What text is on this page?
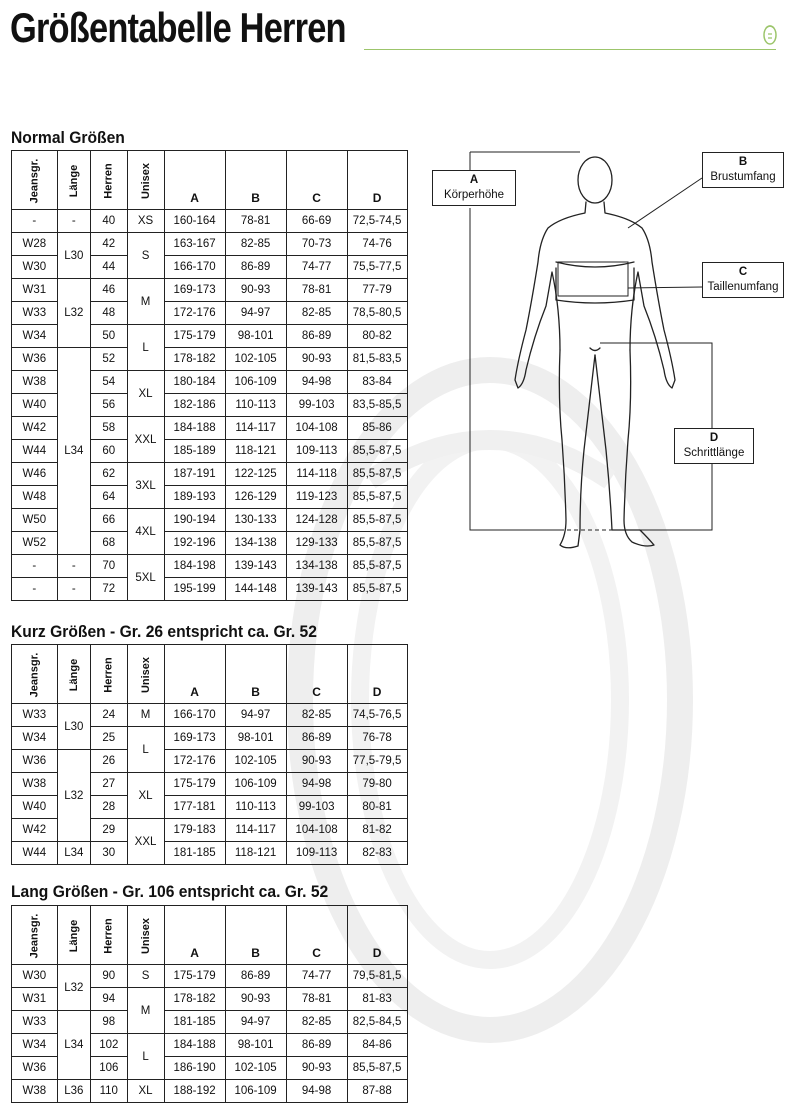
Größentabelle Herren
Normal Größen
Jeansgr.	Länge	Herren	Unisex	A	B	C	D
-	-	40	XS	160-164	78-81	66-69	72,5-74,5
W28	L30	42	S	163-167	82-85	70-73	74-76
W30		44		166-170	86-89	74-77	75,5-77,5
W31	L32	46	M	169-173	90-93	78-81	77-79
W33		48		172-176	94-97	82-85	78,5-80,5
W34		50	L	175-179	98-101	86-89	80-82
W36	L34	52		178-182	102-105	90-93	81,5-83,5
W38		54	XL	180-184	106-109	94-98	83-84
W40		56		182-186	110-113	99-103	83,5-85,5
W42		58	XXL	184-188	114-117	104-108	85-86
W44		60		185-189	118-121	109-113	85,5-87,5
W46		62	3XL	187-191	122-125	114-118	85,5-87,5
W48		64		189-193	126-129	119-123	85,5-87,5
W50		66	4XL	190-194	130-133	124-128	85,5-87,5
W52		68		192-196	134-138	129-133	85,5-87,5
-	-	70	5XL	184-198	139-143	134-138	85,5-87,5
-	-	72		195-199	144-148	139-143	85,5-87,5
Kurz Größen - Gr. 26 entspricht ca. Gr. 52
Jeansgr.	Länge	Herren	Unisex	A	B	C	D
W33	L30	24	M	166-170	94-97	82-85	74,5-76,5
W34		25	L	169-173	98-101	86-89	76-78
W36	L32	26		172-176	102-105	90-93	77,5-79,5
W38		27	XL	175-179	106-109	94-98	79-80
W40		28		177-181	110-113	99-103	80-81
W42		29	XXL	179-183	114-117	104-108	81-82
W44	L34	30		181-185	118-121	109-113	82-83
Lang Größen - Gr. 106 entspricht ca. Gr. 52
Jeansgr.	Länge	Herren	Unisex	A	B	C	D
W30	L32	90	S	175-179	86-89	74-77	79,5-81,5
W31		94	M	178-182	90-93	78-81	81-83
W33	L34	98		181-185	94-97	82-85	82,5-84,5
W34		102	L	184-188	98-101	86-89	84-86
W36		106		186-190	102-105	90-93	85,5-87,5
W38	L36	110	XL	188-192	106-109	94-98	87-88
A
Körperhöhe
B
Brustumfang
C
Taillenumfang
D
Schrittlänge
